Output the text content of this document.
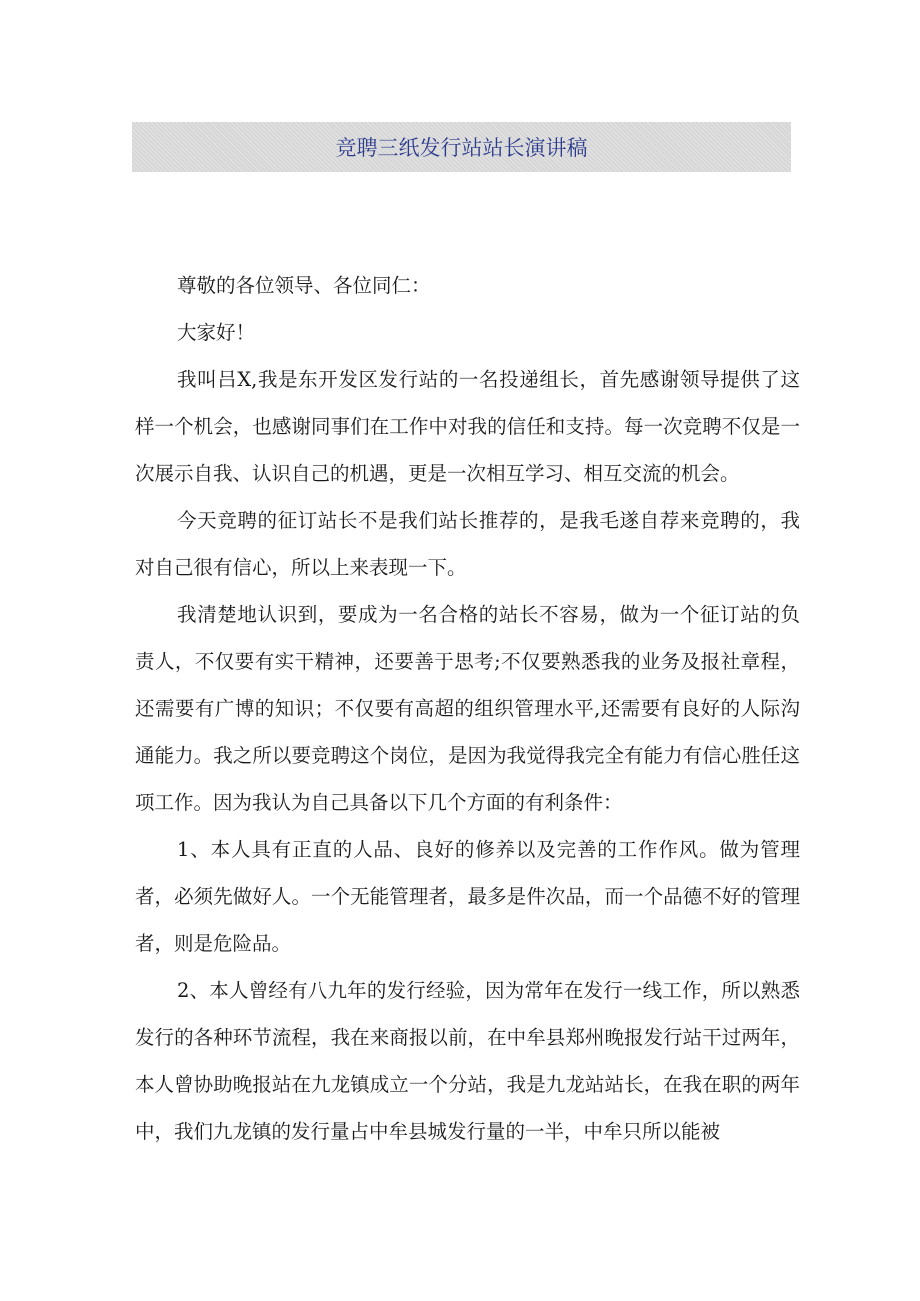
竞聘三纸发行站站长演讲稿

尊敬的各位领导、各位同仁：

大家好！

我叫吕X,我是东开发区发行站的一名投递组长，首先感谢领导提供了这样一个机会，也感谢同事们在工作中对我的信任和支持。每一次竞聘不仅是一次展示自我、认识自己的机遇，更是一次相互学习、相互交流的机会。

今天竞聘的征订站长不是我们站长推荐的，是我毛遂自荐来竞聘的，我对自己很有信心，所以上来表现一下。

我清楚地认识到，要成为一名合格的站长不容易，做为一个征订站的负责人，不仅要有实干精神，还要善于思考;不仅要熟悉我的业务及报社章程，还需要有广博的知识；不仅要有高超的组织管理水平,还需要有良好的人际沟通能力。我之所以要竞聘这个岗位，是因为我觉得我完全有能力有信心胜任这项工作。因为我认为自己具备以下几个方面的有利条件：

1、本人具有正直的人品、良好的修养以及完善的工作作风。做为管理者，必须先做好人。一个无能管理者，最多是件次品，而一个品德不好的管理者，则是危险品。

2、本人曾经有八九年的发行经验，因为常年在发行一线工作，所以熟悉发行的各种环节流程，我在来商报以前，在中牟县郑州晚报发行站干过两年，本人曾协助晚报站在九龙镇成立一个分站，我是九龙站站长，在我在职的两年中，我们九龙镇的发行量占中牟县城发行量的一半，中牟只所以能被
